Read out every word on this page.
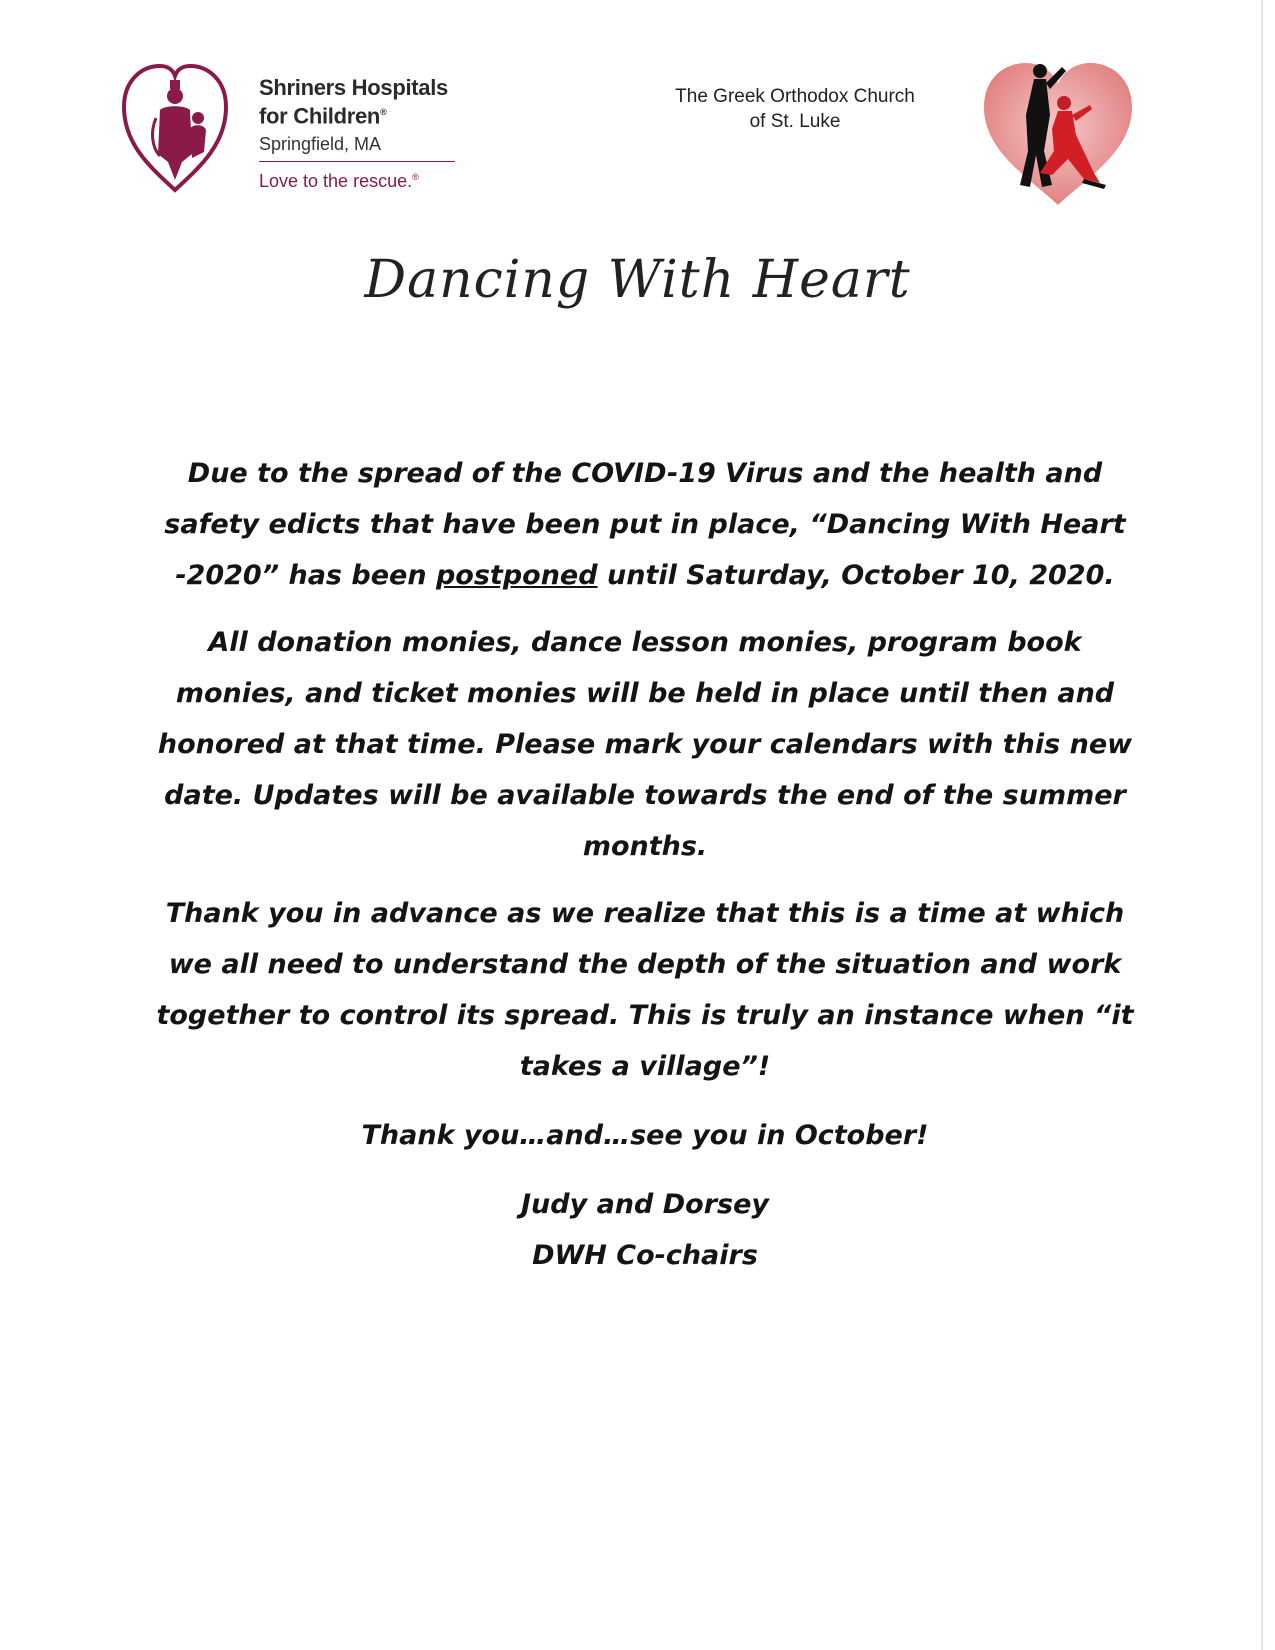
Shriners Hospitals
for Children®
Springfield, MA
Love to the rescue.®
The Greek Orthodox Church
of St. Luke
Dancing With Heart

Due to the spread of the COVID-19 Virus and the health and safety edicts that have been put in place, “Dancing With Heart -2020” has been postponed until Saturday, October 10, 2020.

All donation monies, dance lesson monies, program book monies, and ticket monies will be held in place until then and honored at that time. Please mark your calendars with this new date. Updates will be available towards the end of the summer months.

Thank you in advance as we realize that this is a time at which we all need to understand the depth of the situation and work together to control its spread. This is truly an instance when “it takes a village”!

Thank you…and…see you in October!

Judy and Dorsey

DWH Co-chairs
